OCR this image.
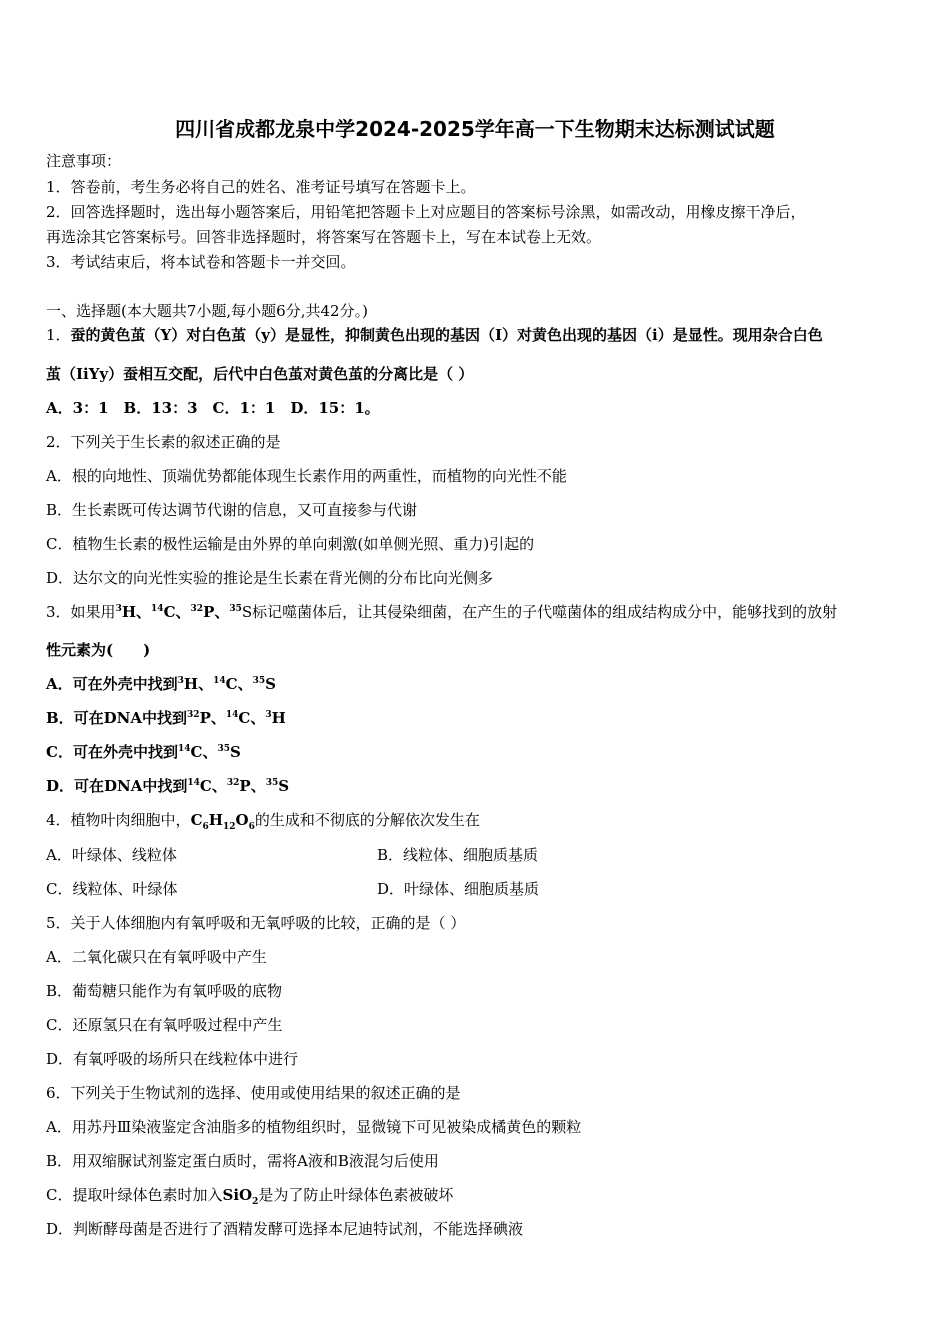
四川省成都龙泉中学2024-2025学年高一下生物期末达标测试试题
注意事项：
1．答卷前，考生务必将自己的姓名、准考证号填写在答题卡上。
2．回答选择题时，选出每小题答案后，用铅笔把答题卡上对应题目的答案标号涂黑，如需改动，用橡皮擦干净后，
再选涂其它答案标号。回答非选择题时，将答案写在答题卡上，写在本试卷上无效。
3．考试结束后，将本试卷和答题卡一并交回。
一、选择题(本大题共7小题,每小题6分,共42分。)
1．蚕的黄色茧（Y）对白色茧（y）是显性，抑制黄色出现的基因（I）对黄色出现的基因（i）是显性。现用杂合白色
茧（IiYy）蚕相互交配，后代中白色茧对黄色茧的分离比是（ ）
A．3：1　B．13：3　C．1：1　D．15：1。
2．下列关于生长素的叙述正确的是
A．根的向地性、顶端优势都能体现生长素作用的两重性，而植物的向光性不能
B．生长素既可传达调节代谢的信息，又可直接参与代谢
C．植物生长素的极性运输是由外界的单向刺激(如单侧光照、重力)引起的
D．达尔文的向光性实验的推论是生长素在背光侧的分布比向光侧多
3．如果用$^3$H、$^{14}$C、$^{32}$P、$^{35}$S标记噬菌体后，让其侵染细菌，在产生的子代噬菌体的组成结构成分中，能够找到的放射
性元素为(　　)
A．可在外壳中找到$^3$H、$^{14}$C、$^{35}$S
B．可在DNA中找到$^{32}$P、$^{14}$C、$^3$H
C．可在外壳中找到$^{14}$C、$^{35}$S
D．可在DNA中找到$^{14}$C、$^{32}$P、$^{35}$S
4．植物叶肉细胞中，$C_6H_{12}O_6$的生成和不彻底的分解依次发生在
A．叶绿体、线粒体	B．线粒体、细胞质基质
C．线粒体、叶绿体	D．叶绿体、细胞质基质
5．关于人体细胞内有氧呼吸和无氧呼吸的比较，正确的是（ ）
A．二氧化碳只在有氧呼吸中产生
B．葡萄糖只能作为有氧呼吸的底物
C．还原氢只在有氧呼吸过程中产生
D．有氧呼吸的场所只在线粒体中进行
6．下列关于生物试剂的选择、使用或使用结果的叙述正确的是
A．用苏丹Ⅲ染液鉴定含油脂多的植物组织时，显微镜下可见被染成橘黄色的颗粒
B．用双缩脲试剂鉴定蛋白质时，需将A液和B液混匀后使用
C．提取叶绿体色素时加入SiO$_2$是为了防止叶绿体色素被破坏
D．判断酵母菌是否进行了酒精发酵可选择本尼迪特试剂，不能选择碘液
